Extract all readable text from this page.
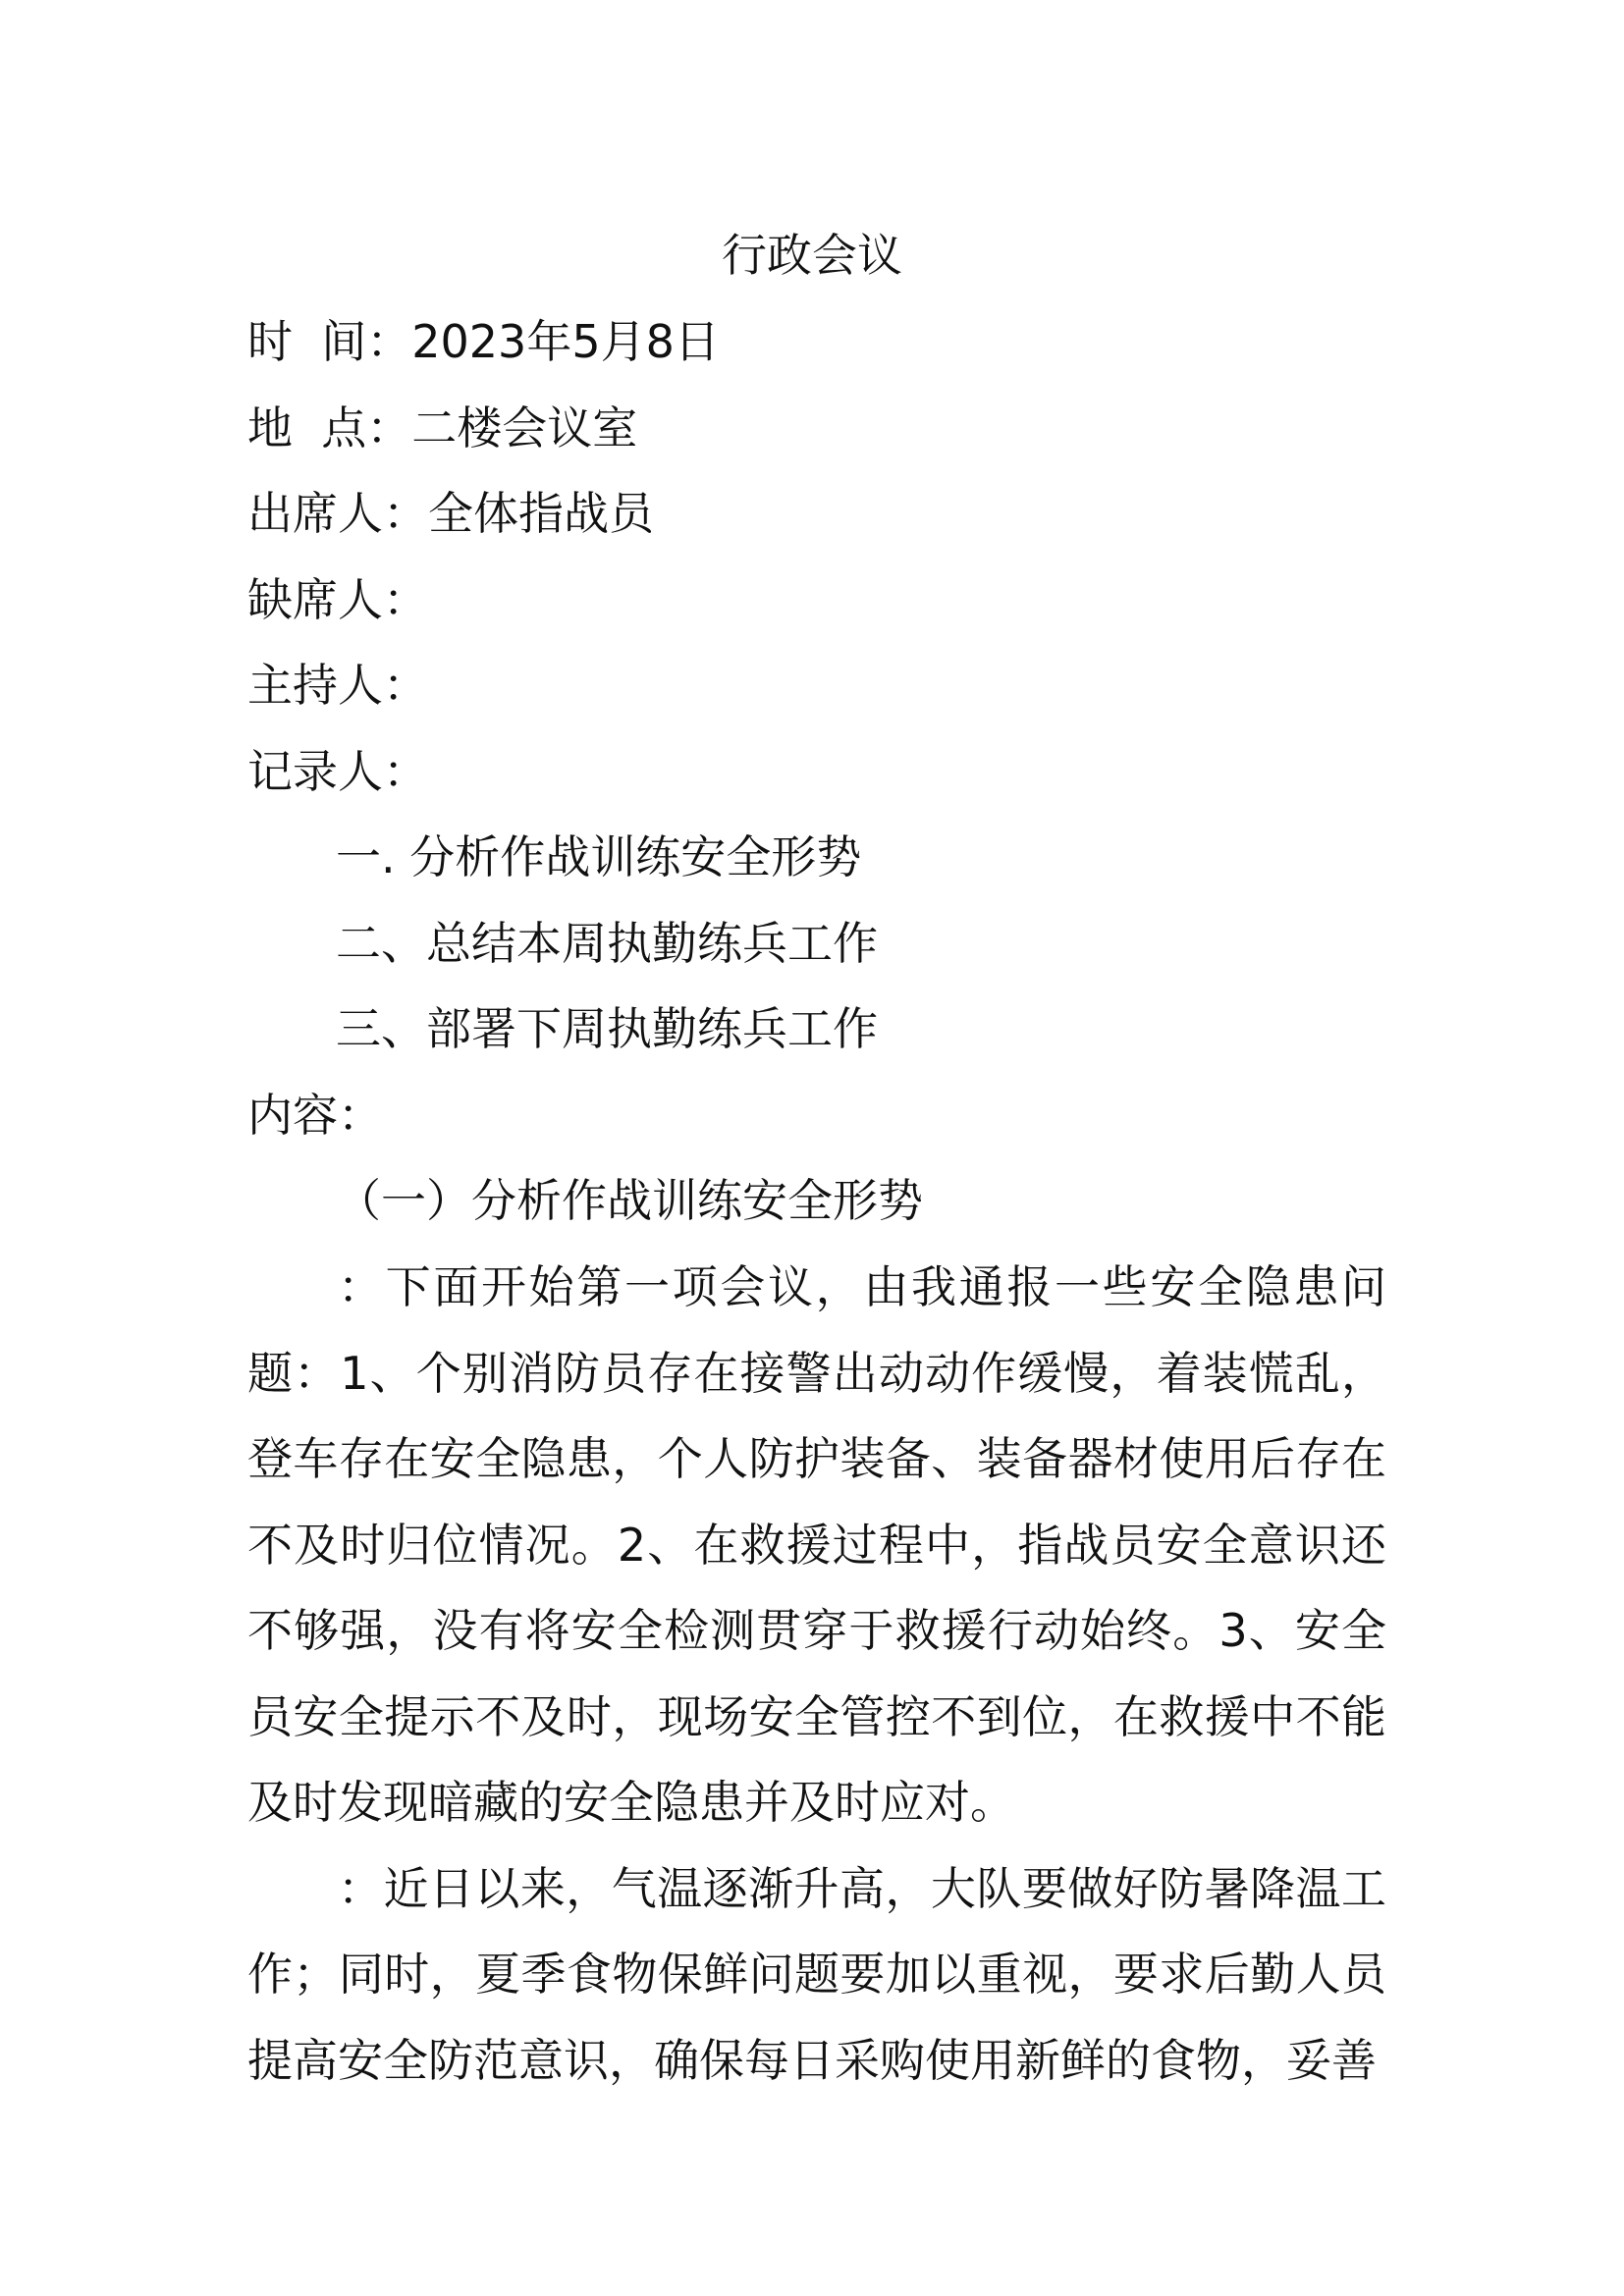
行政会议
时  间：2023年5月8日
地  点：二楼会议室
出席人：全体指战员
缺席人：
主持人：
记录人：
一. 分析作战训练安全形势
二、总结本周执勤练兵工作
三、部署下周执勤练兵工作
内容：
（一）分析作战训练安全形势
：下面开始第一项会议，由我通报一些安全隐患问题：1、个别消防员存在接警出动动作缓慢，着装慌乱，登车存在安全隐患，个人防护装备、装备器材使用后存在不及时归位情况。2、在救援过程中，指战员安全意识还不够强，没有将安全检测贯穿于救援行动始终。3、安全员安全提示不及时，现场安全管控不到位，在救援中不能及时发现暗藏的安全隐患并及时应对。
：近日以来，气温逐渐升高，大队要做好防暑降温工作；同时，夏季食物保鲜问题要加以重视，要求后勤人员提高安全防范意识，确保每日采购使用新鲜的食物，妥善
